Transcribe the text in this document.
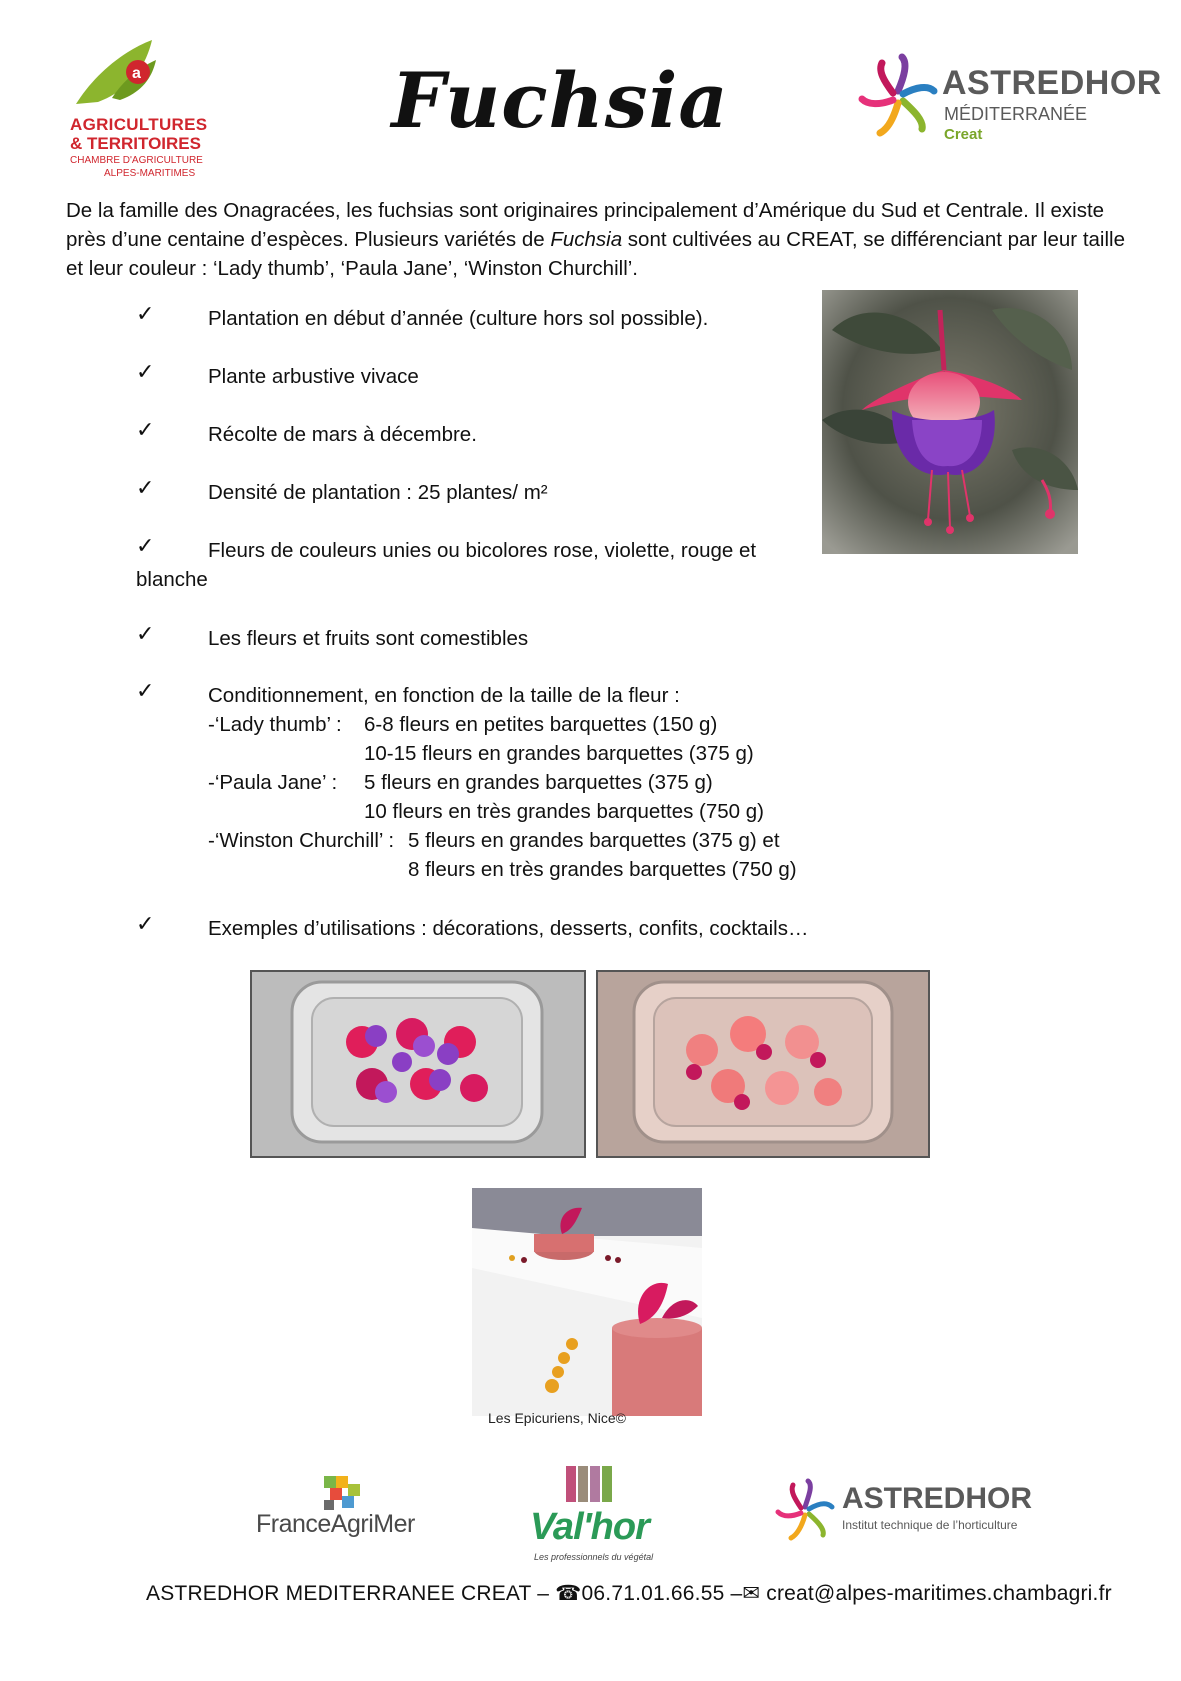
a
AGRICULTURES
& TERRITOIRES
CHAMBRE D'AGRICULTURE
ALPES-MARITIMES
Fuchsia	ASTREDHOR
MÉDITERRANÉE
Creat

De la famille des Onagracées, les fuchsias sont originaires principalement d’Amérique du Sud et Centrale. Il existe près d’une centaine d’espèces. Plusieurs variétés de Fuchsia sont cultivées au CREAT, se différenciant par leur taille et leur couleur : ‘Lady thumb’, ‘Paula Jane’, ‘Winston Churchill’.

✓	Plantation en début d’année (culture hors sol possible).
✓	Plante arbustive vivace
✓	Récolte de mars à décembre.
✓	Densité de plantation : 25 plantes/ m²
✓	Fleurs de couleurs unies ou bicolores rose, violette, rouge et
blanche
✓	Les fleurs et fruits sont comestibles
✓	Conditionnement, en fonction de la taille de la fleur :
-‘Lady thumb’ : 6-8 fleurs en petites barquettes (150 g)
10-15 fleurs en grandes barquettes (375 g)
-‘Paula Jane’ : 5 fleurs en grandes barquettes (375 g)
10 fleurs en très grandes barquettes (750 g)
-‘Winston Churchill’ : 5 fleurs en grandes barquettes (375 g) et
8 fleurs en très grandes barquettes (750 g)
✓	Exemples d’utilisations : décorations, desserts, confits, cocktails…
Les Epicuriens, Nice©
FranceAgriMer	Val'hor
Les professionnels du végétal
ASTREDHOR
Institut technique de l’horticulture
ASTREDHOR MEDITERRANEE CREAT – ☎06.71.01.66.55 –✉ creat@alpes-maritimes.chambagri.fr
